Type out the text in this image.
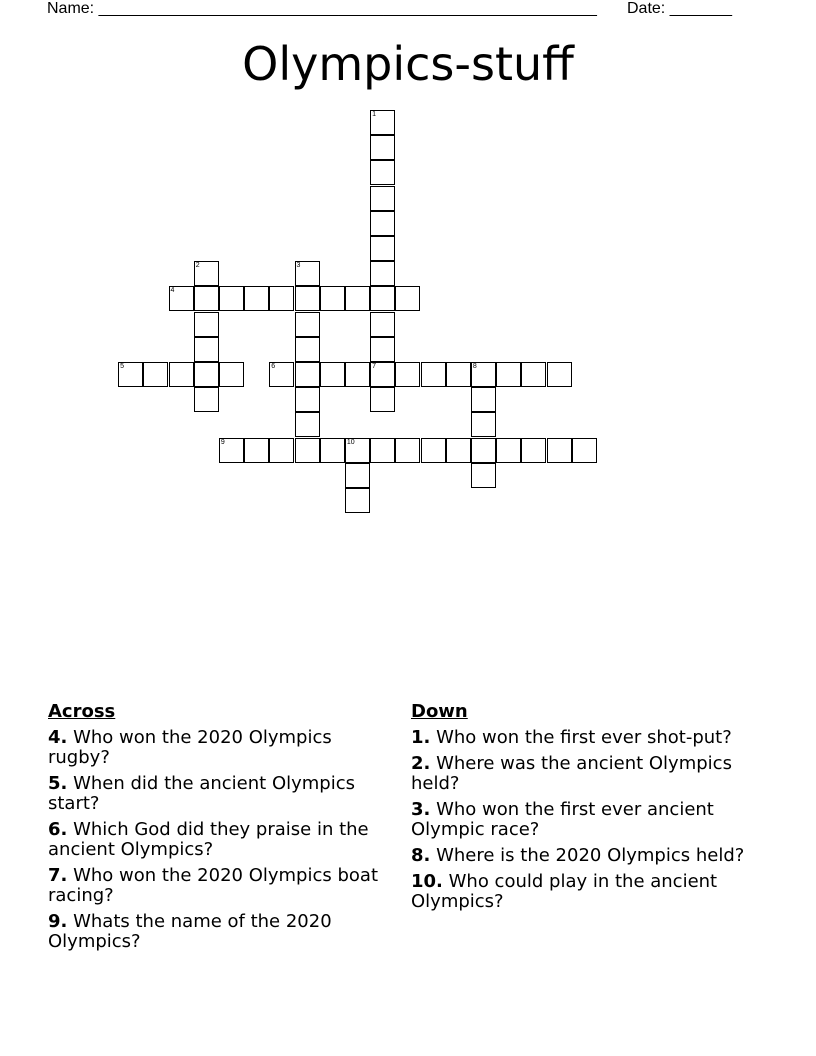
Name: ________________________________________________________ Date: _______
Olympics-stuff
1
2	3
4
5	6	7	8
9	10
Across
4. Who won the 2020 Olympics rugby?
5. When did the ancient Olympics start?
6. Which God did they praise in the ancient Olympics?
7. Who won the 2020 Olympics boat racing?
9. Whats the name of the 2020 Olympics?
Down
1. Who won the first ever shot-put?
2. Where was the ancient Olympics held?
3. Who won the first ever ancient Olympic race?
8. Where is the 2020 Olympics held?
10. Who could play in the ancient Olympics?
